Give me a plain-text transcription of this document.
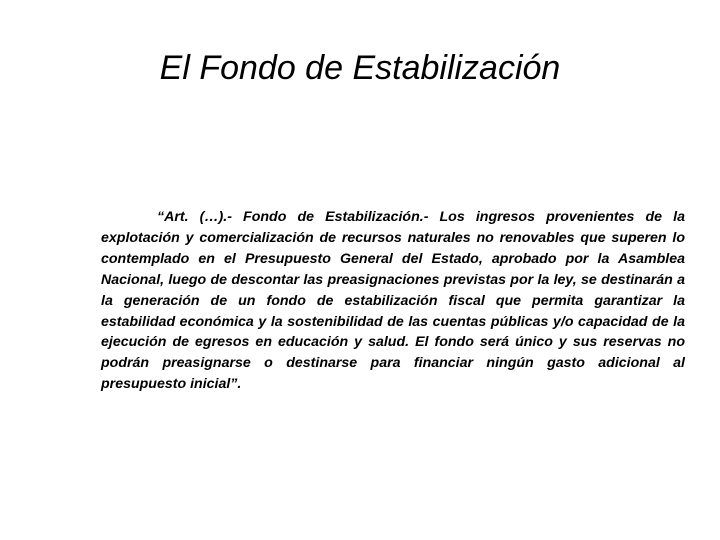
El Fondo de Estabilización

“Art. (…).- Fondo de Estabilización.- Los ingresos provenientes de la explotación y comercialización de recursos naturales no renovables que superen lo contemplado en el Presupuesto General del Estado, aprobado por la Asamblea Nacional, luego de descontar las preasignaciones previstas por la ley, se destinarán a la generación de un fondo de estabilización fiscal que permita garantizar la estabilidad económica y la sostenibilidad de las cuentas públicas y/o capacidad de la ejecución de egresos en educación y salud. El fondo será único y sus reservas no podrán preasignarse o destinarse para financiar ningún gasto adicional al presupuesto inicial”.
